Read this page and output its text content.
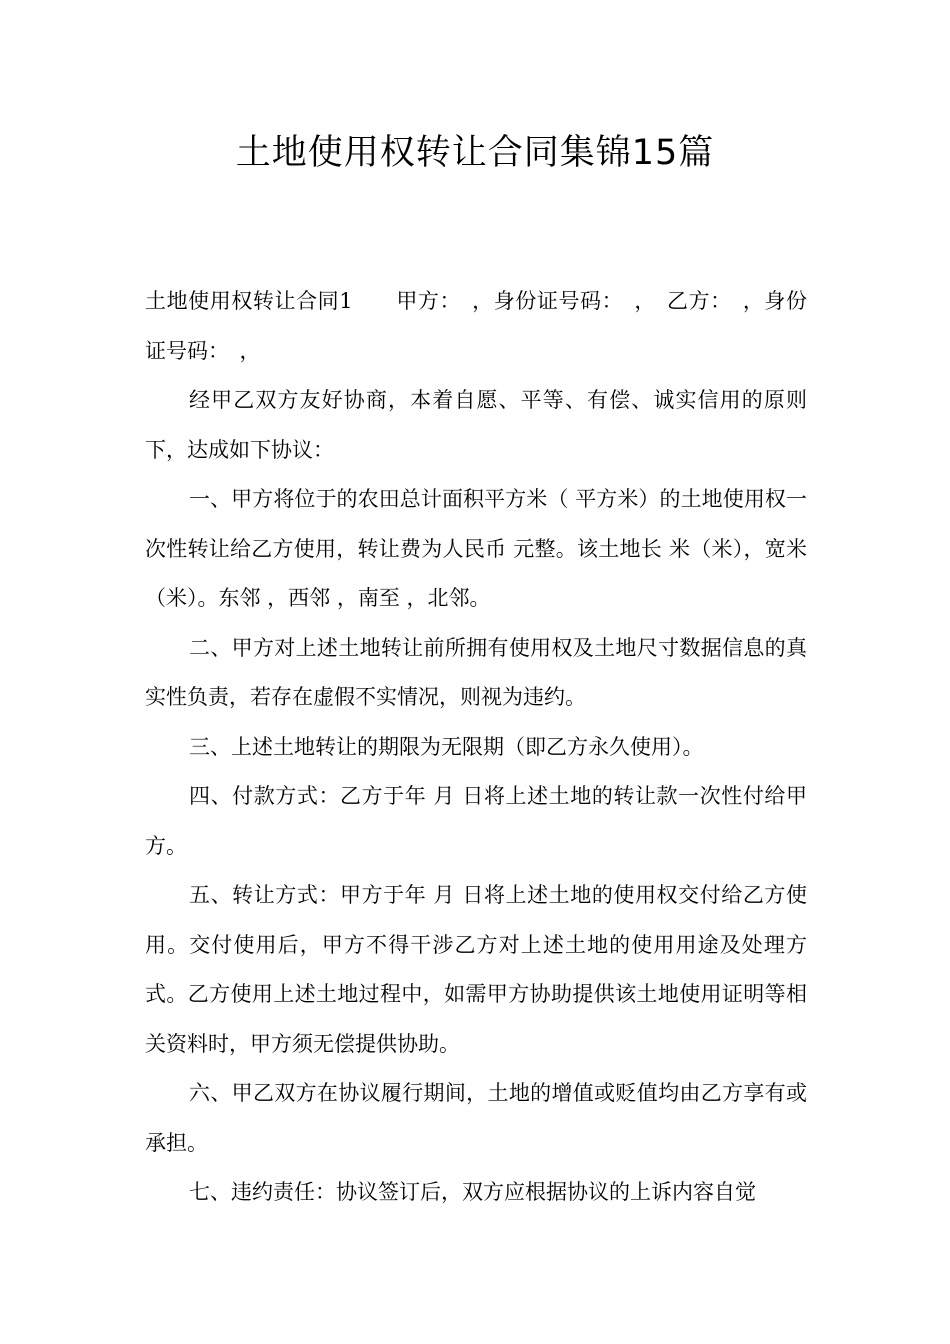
土地使用权转让合同集锦15篇

土地使用权转让合同1　　甲方：　，身份证号码：　，　乙方：　，身份证号码：　，

经甲乙双方友好协商，本着自愿、平等、有偿、诚实信用的原则下，达成如下协议：

一、甲方将位于的农田总计面积平方米（ 平方米）的土地使用权一次性转让给乙方使用，转让费为人民币 元整。该土地长 米（米），宽米（米）。东邻 ，西邻 ，南至 ，北邻。

二、甲方对上述土地转让前所拥有使用权及土地尺寸数据信息的真实性负责，若存在虚假不实情况，则视为违约。

三、上述土地转让的期限为无限期（即乙方永久使用）。

四、付款方式：乙方于年 月 日将上述土地的转让款一次性付给甲方。

五、转让方式：甲方于年 月 日将上述土地的使用权交付给乙方使用。交付使用后，甲方不得干涉乙方对上述土地的使用用途及处理方式。乙方使用上述土地过程中，如需甲方协助提供该土地使用证明等相关资料时，甲方须无偿提供协助。

六、甲乙双方在协议履行期间，土地的增值或贬值均由乙方享有或承担。

七、违约责任：协议签订后，双方应根据协议的上诉内容自觉
